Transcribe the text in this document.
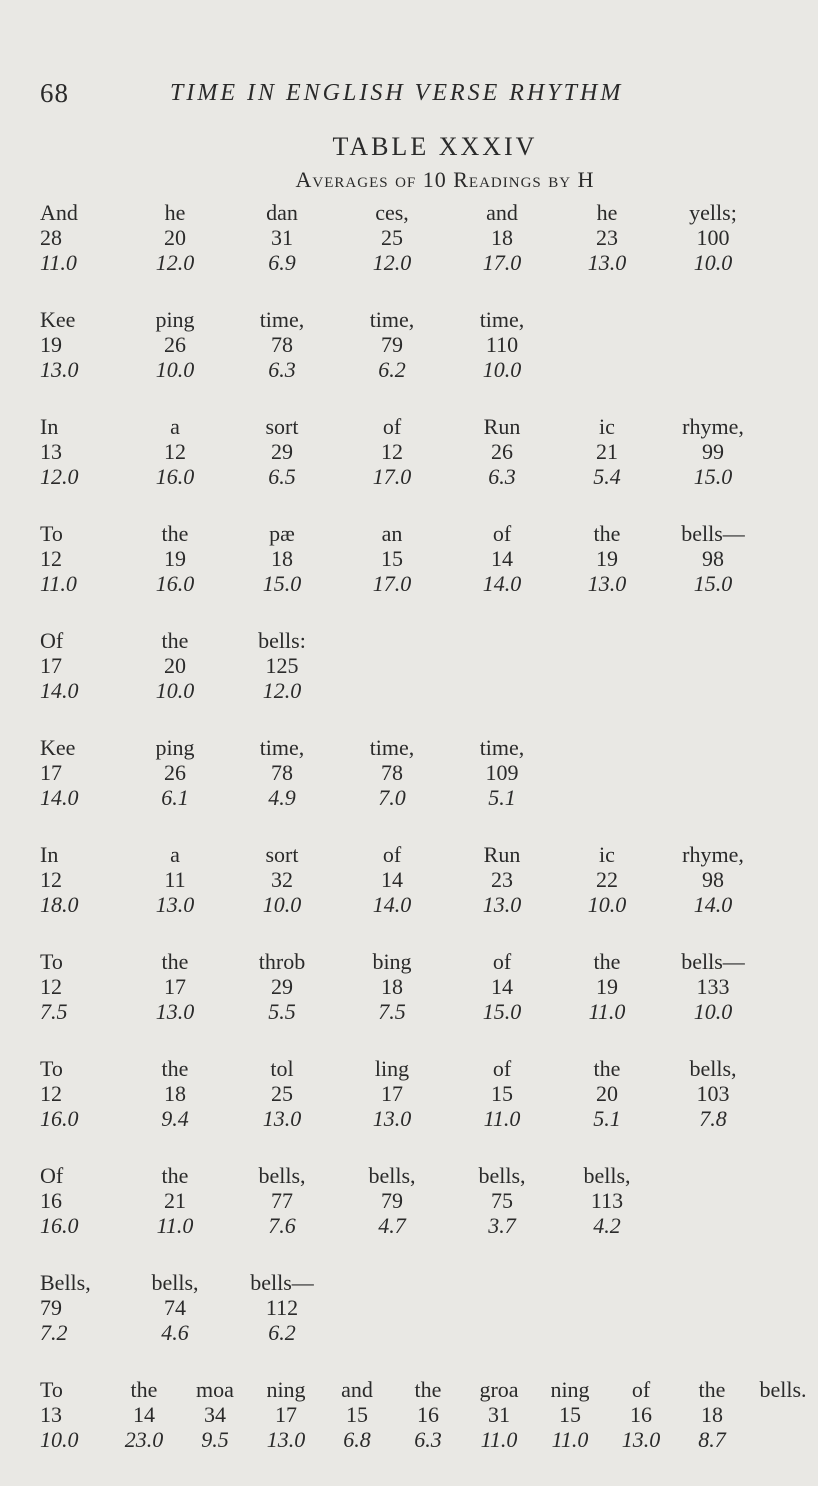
68	TIME IN ENGLISH VERSE RHYTHM
TABLE XXXIV
Averages of 10 Readings by H
And
28
11.0
he
20
12.0
dan
31
6.9
ces,
25
12.0
and
18
17.0
he
23
13.0
yells;
100
10.0
Kee
19
13.0
ping
26
10.0
time,
78
6.3
time,
79
6.2
time,
110
10.0
In
13
12.0
a
12
16.0
sort
29
6.5
of
12
17.0
Run
26
6.3
ic
21
5.4
rhyme,
99
15.0
To
12
11.0
the
19
16.0
pæ
18
15.0
an
15
17.0
of
14
14.0
the
19
13.0
bells—
98
15.0
Of
17
14.0
the
20
10.0
bells:
125
12.0
Kee
17
14.0
ping
26
6.1
time,
78
4.9
time,
78
7.0
time,
109
5.1
In
12
18.0
a
11
13.0
sort
32
10.0
of
14
14.0
Run
23
13.0
ic
22
10.0
rhyme,
98
14.0
To
12
7.5
the
17
13.0
throb
29
5.5
bing
18
7.5
of
14
15.0
the
19
11.0
bells—
133
10.0
To
12
16.0
the
18
9.4
tol
25
13.0
ling
17
13.0
of
15
11.0
the
20
5.1
bells,
103
7.8
Of
16
16.0
the
21
11.0
bells,
77
7.6
bells,
79
4.7
bells,
75
3.7
bells,
113
4.2
Bells,
79
7.2
bells,
74
4.6
bells—
112
6.2
To
13
10.0
the
14
23.0
moa
34
9.5
ning
17
13.0
and
15
6.8
the
16
6.3
groa
31
11.0
ning
15
11.0
of
16
13.0
the
18
8.7
bells.
